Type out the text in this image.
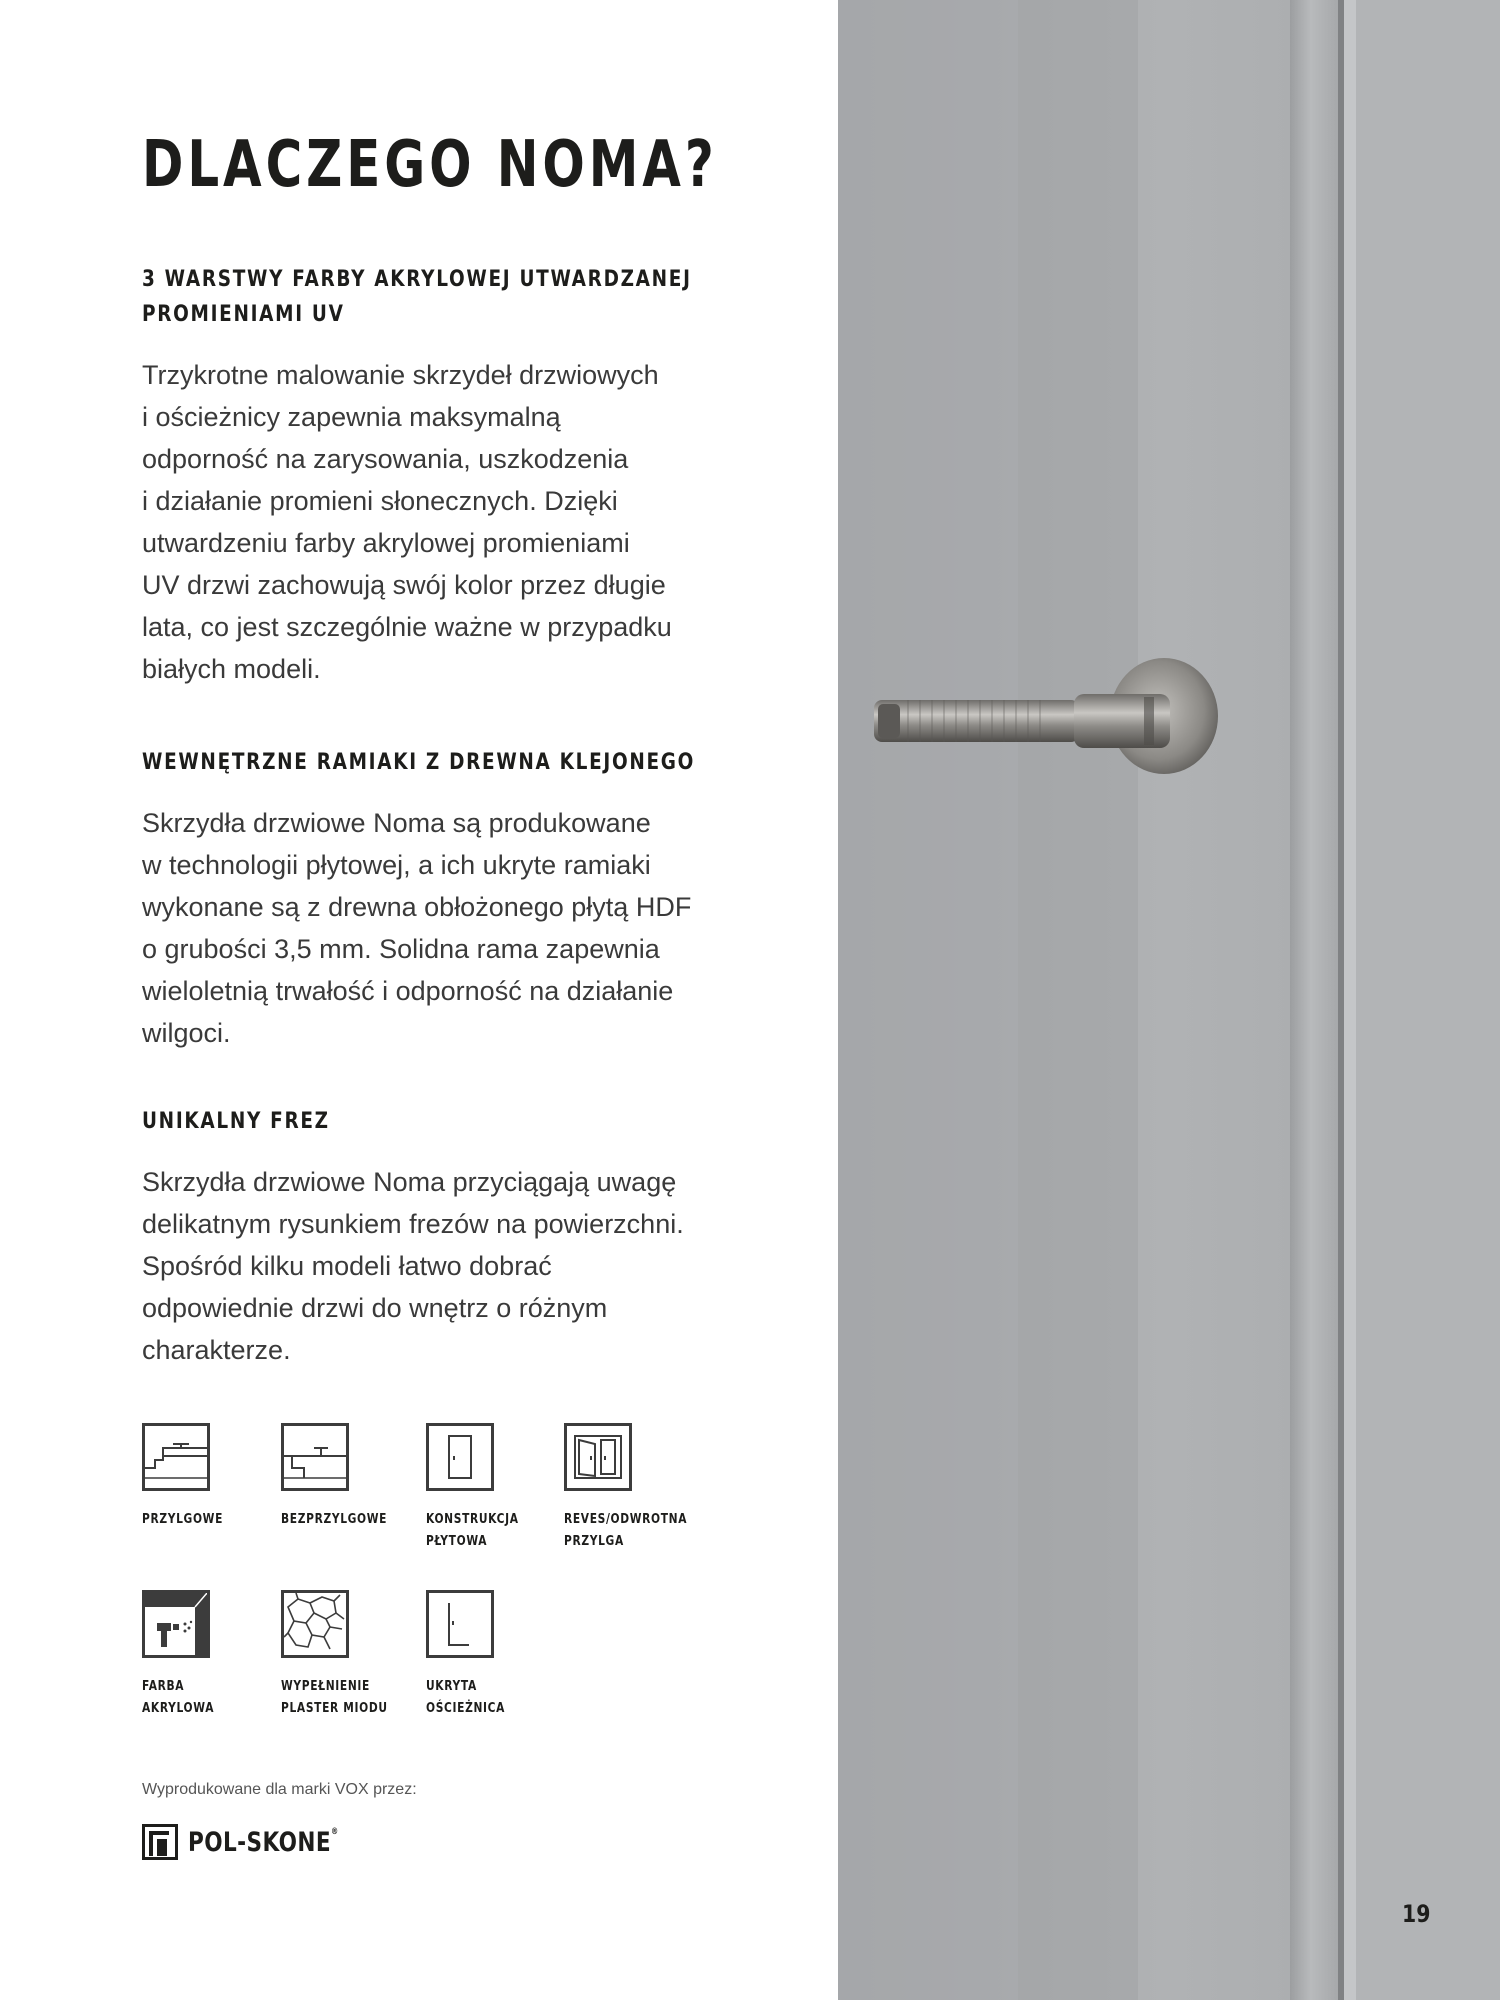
DLACZEGO NOMA?
3 WARSTWY FARBY AKRYLOWEJ UTWARDZANEJ
PROMIENIAMI UV

Trzykrotne malowanie skrzydeł drzwiowych
i ościeżnicy zapewnia maksymalną
odporność na zarysowania, uszkodzenia
i działanie promieni słonecznych. Dzięki
utwardzeniu farby akrylowej promieniami
UV drzwi zachowują swój kolor przez długie
lata, co jest szczególnie ważne w przypadku
białych modeli.

WEWNĘTRZNE RAMIAKI Z DREWNA KLEJONEGO

Skrzydła drzwiowe Noma są produkowane
w technologii płytowej, a ich ukryte ramiaki
wykonane są z drewna obłożonego płytą HDF
o grubości 3,5 mm. Solidna rama zapewnia
wieloletnią trwałość i odporność na działanie
wilgoci.

UNIKALNY FREZ

Skrzydła drzwiowe Noma przyciągają uwagę
delikatnym rysunkiem frezów na powierzchni.
Spośród kilku modeli łatwo dobrać
odpowiednie drzwi do wnętrz o różnym
charakterze.

PRZYLGOWE	BEZPRZYLGOWE	KONSTRUKCJA
PŁYTOWA
REVES/ODWROTNA
PRZYLGA
FARBA
AKRYLOWA
WYPEŁNIENIE
PLASTER MIODU
UKRYTA
OŚCIEŻNICA
Wyprodukowane dla marki VOX przez:
POL-SKONE®
19
